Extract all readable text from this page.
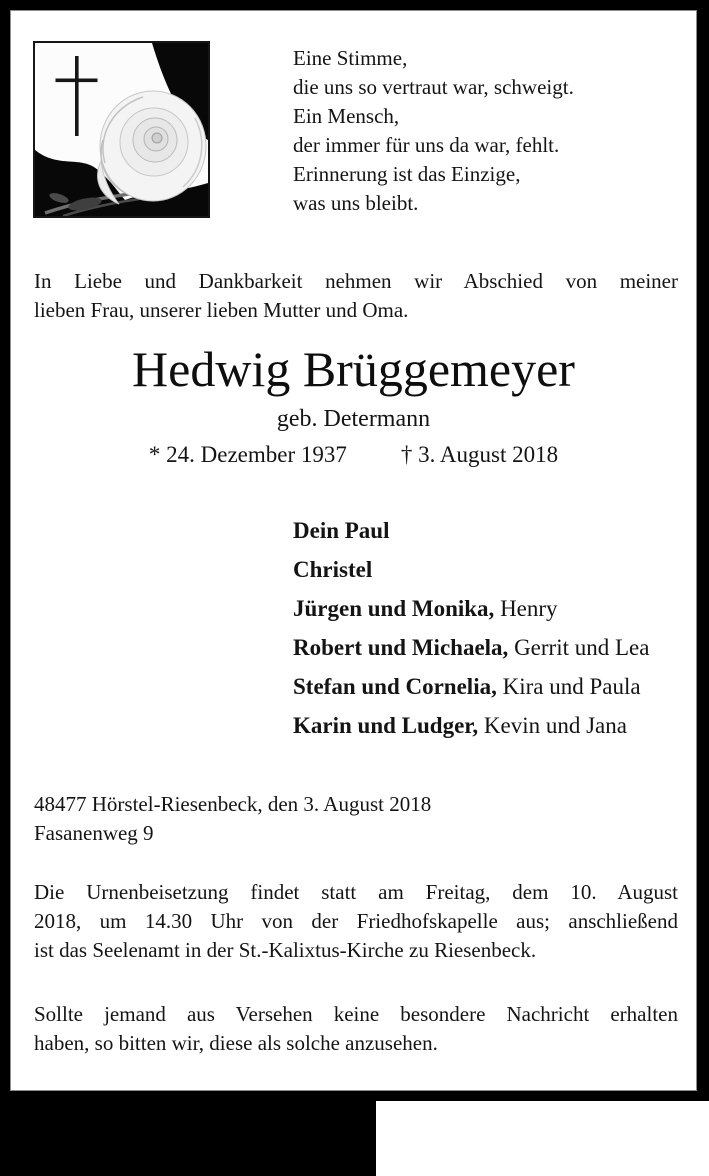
Eine Stimme,
die uns so vertraut war, schweigt.
Ein Mensch,
der immer für uns da war, fehlt.
Erinnerung ist das Einzige,
was uns bleibt.
In Liebe und Dankbarkeit nehmen wir Abschied von meiner
lieben Frau, unserer lieben Mutter und Oma.
Hedwig Brüggemeyer
geb. Determann
* 24. Dezember 1937 † 3. August 2018
Dein Paul
Christel
Jürgen und Monika, Henry
Robert und Michaela, Gerrit und Lea
Stefan und Cornelia, Kira und Paula
Karin und Ludger, Kevin und Jana
48477 Hörstel-Riesenbeck, den 3. August 2018
Fasanenweg 9
Die Urnenbeisetzung findet statt am Freitag, dem 10. August
2018, um 14.30 Uhr von der Friedhofskapelle aus; anschließend
ist das Seelenamt in der St.-Kalixtus-Kirche zu Riesenbeck.
Sollte jemand aus Versehen keine besondere Nachricht erhalten
haben, so bitten wir, diese als solche anzusehen.
